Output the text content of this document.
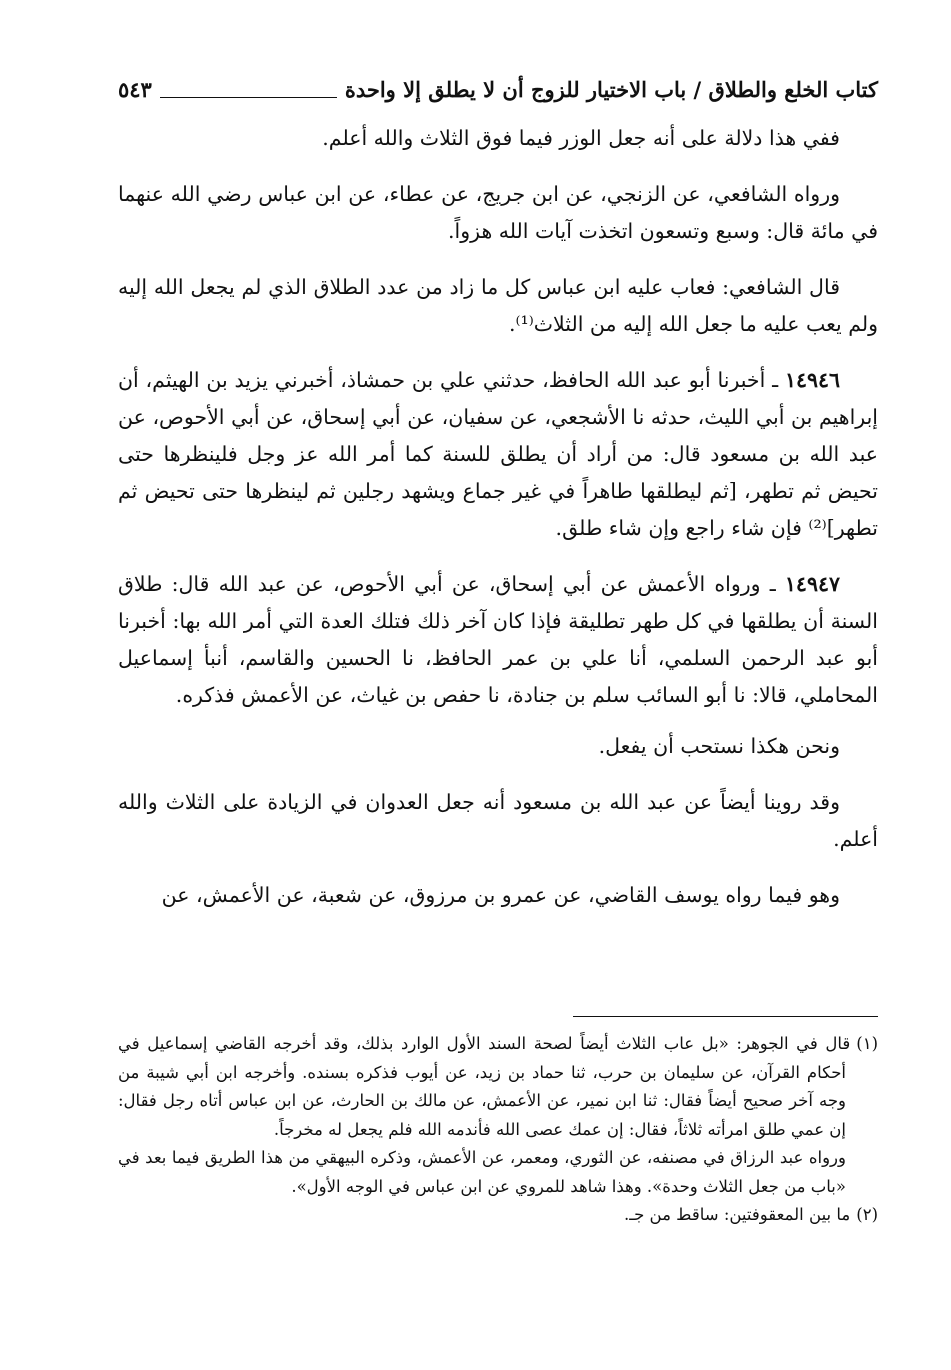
كتاب الخلع والطلاق / باب الاختيار للزوج أن لا يطلق إلا واحدة
٥٤٣

ففي هذا دلالة على أنه جعل الوزر فيما فوق الثلاث والله أعلم.

ورواه الشافعي، عن الزنجي، عن ابن جريج، عن عطاء، عن ابن عباس رضي الله عنهما في مائة قال: وسبع وتسعون اتخذت آيات الله هزواً.

قال الشافعي: فعاب عليه ابن عباس كل ما زاد من عدد الطلاق الذي لم يجعل الله إليه ولم يعب عليه ما جعل الله إليه من الثلاث⁽¹⁾.

١٤٩٤٦ ـ أخبرنا أبو عبد الله الحافظ، حدثني علي بن حمشاذ، أخبرني يزيد بن الهيثم، أن إبراهيم بن أبي الليث، حدثه نا الأشجعي، عن سفيان، عن أبي إسحاق، عن أبي الأحوص، عن عبد الله بن مسعود قال: من أراد أن يطلق للسنة كما أمر الله عز وجل فلينظرها حتى تحيض ثم تطهر، [ثم ليطلقها طاهراً في غير جماع ويشهد رجلين ثم لينظرها حتى تحيض ثم تطهر]⁽²⁾ فإن شاء راجع وإن شاء طلق.

١٤٩٤٧ ـ ورواه الأعمش عن أبي إسحاق، عن أبي الأحوص، عن عبد الله قال: طلاق السنة أن يطلقها في كل طهر تطليقة فإذا كان آخر ذلك فتلك العدة التي أمر الله بها: أخبرنا أبو عبد الرحمن السلمي، أنا علي بن عمر الحافظ، نا الحسين والقاسم، أنبأ إسماعيل المحاملي، قالا: نا أبو السائب سلم بن جنادة، نا حفص بن غياث، عن الأعمش فذكره.

ونحن هكذا نستحب أن يفعل.

وقد روينا أيضاً عن عبد الله بن مسعود أنه جعل العدوان في الزيادة على الثلاث والله أعلم.

وهو فيما رواه يوسف القاضي، عن عمرو بن مرزوق، عن شعبة، عن الأعمش، عن

(١)قال في الجوهر: «بل عاب الثلاث أيضاً لصحة السند الأول الوارد بذلك، وقد أخرجه القاضي إسماعيل في أحكام القرآن، عن سليمان بن حرب، ثنا حماد بن زيد، عن أيوب فذكره بسنده. وأخرجه ابن أبي شيبة من وجه آخر صحيح أيضاً فقال: ثنا ابن نمير، عن الأعمش، عن مالك بن الحارث، عن ابن عباس أتاه رجل فقال: إن عمي طلق امرأته ثلاثاً، فقال: إن عمك عصى الله فأندمه الله فلم يجعل له مخرجاً.

ورواه عبد الرزاق في مصنفه، عن الثوري، ومعمر، عن الأعمش، وذكره البيهقي من هذا الطريق فيما بعد في «باب من جعل الثلاث وحدة». وهذا شاهد للمروي عن ابن عباس في الوجه الأول».

(٢)ما بين المعقوفتين: ساقط من جـ.
